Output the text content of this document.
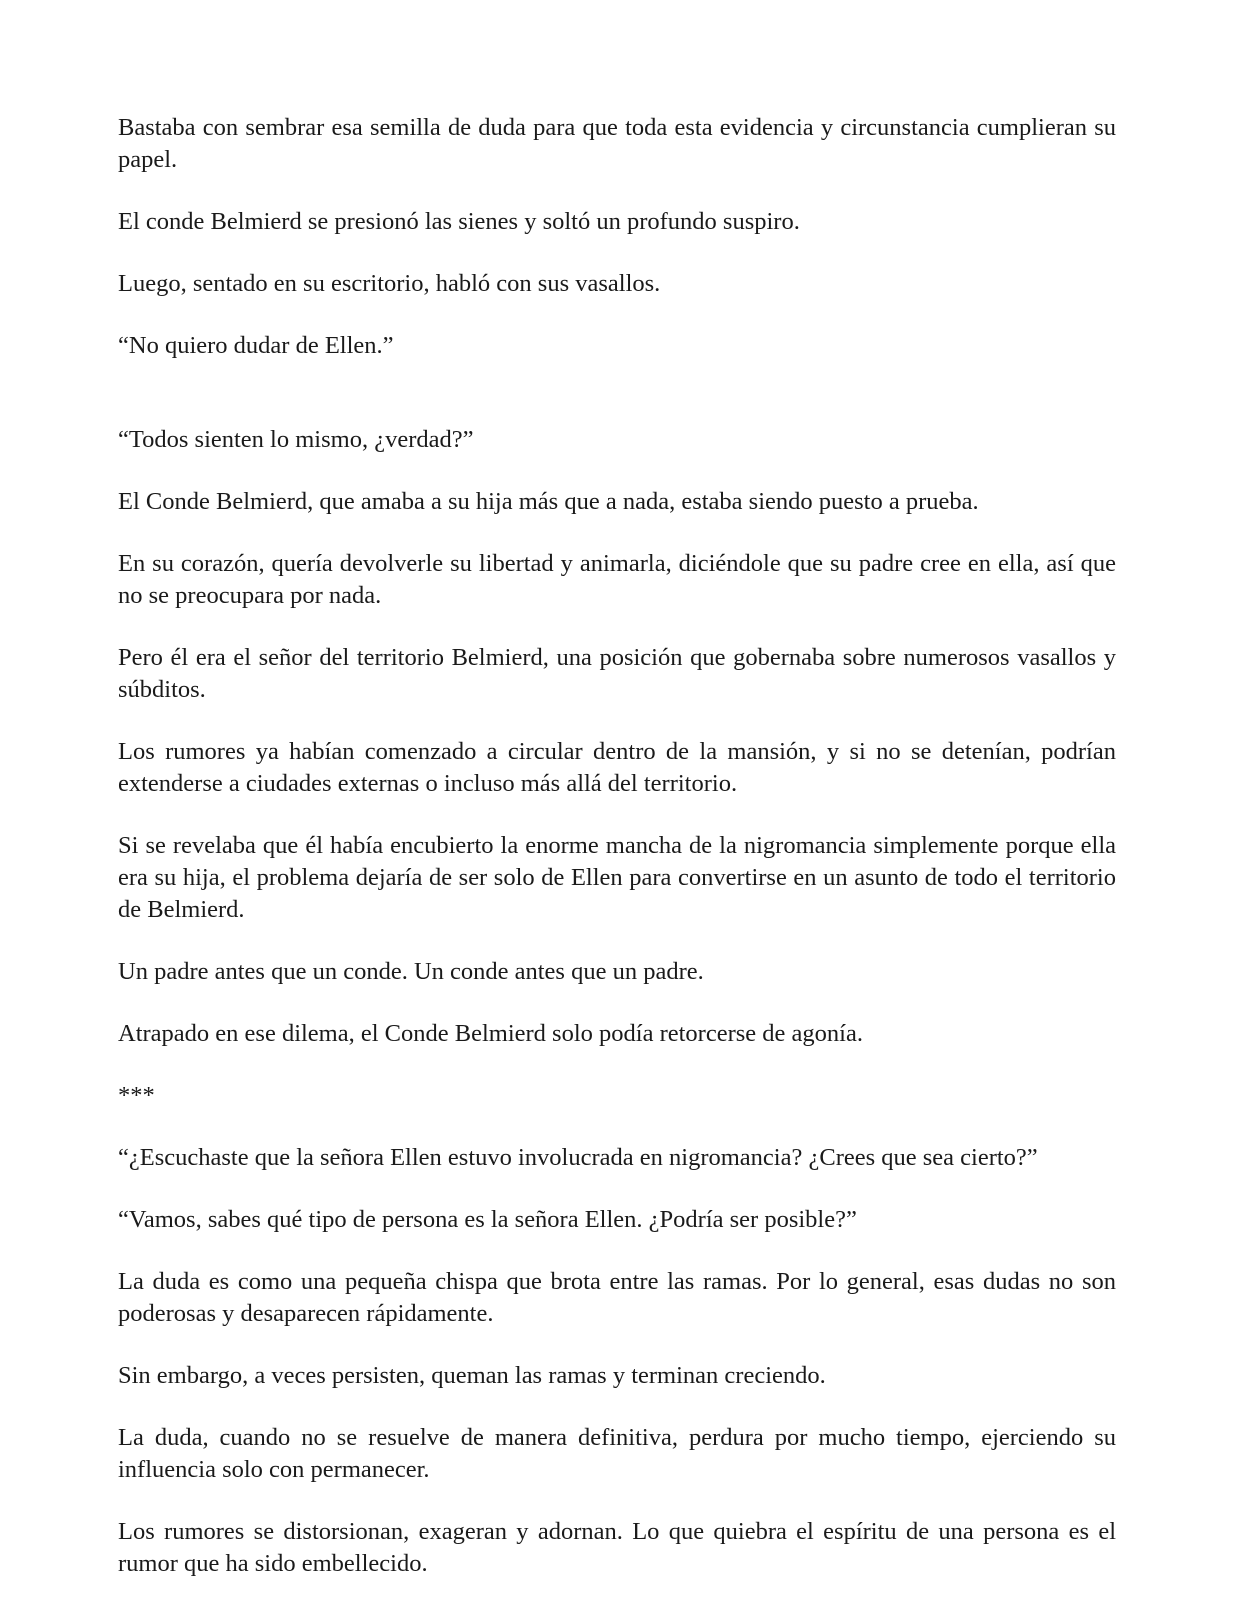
Bastaba con sembrar esa semilla de duda para que toda esta evidencia y circunstancia cumplieran su papel.

El conde Belmierd se presionó las sienes y soltó un profundo suspiro.

Luego, sentado en su escritorio, habló con sus vasallos.

“No quiero dudar de Ellen.”

“Todos sienten lo mismo, ¿verdad?”

El Conde Belmierd, que amaba a su hija más que a nada, estaba siendo puesto a prueba.

En su corazón, quería devolverle su libertad y animarla, diciéndole que su padre cree en ella, así que no se preocupara por nada.

Pero él era el señor del territorio Belmierd, una posición que gobernaba sobre numerosos vasallos y súbditos.

Los rumores ya habían comenzado a circular dentro de la mansión, y si no se detenían, podrían extenderse a ciudades externas o incluso más allá del territorio.

Si se revelaba que él había encubierto la enorme mancha de la nigromancia simplemente porque ella era su hija, el problema dejaría de ser solo de Ellen para convertirse en un asunto de todo el territorio de Belmierd.

Un padre antes que un conde. Un conde antes que un padre.

Atrapado en ese dilema, el Conde Belmierd solo podía retorcerse de agonía.

***

“¿Escuchaste que la señora Ellen estuvo involucrada en nigromancia? ¿Crees que sea cierto?”

“Vamos, sabes qué tipo de persona es la señora Ellen. ¿Podría ser posible?”

La duda es como una pequeña chispa que brota entre las ramas. Por lo general, esas dudas no son poderosas y desaparecen rápidamente.

Sin embargo, a veces persisten, queman las ramas y terminan creciendo.

La duda, cuando no se resuelve de manera definitiva, perdura por mucho tiempo, ejerciendo su influencia solo con permanecer.

Los rumores se distorsionan, exageran y adornan. Lo que quiebra el espíritu de una persona es el rumor que ha sido embellecido.
